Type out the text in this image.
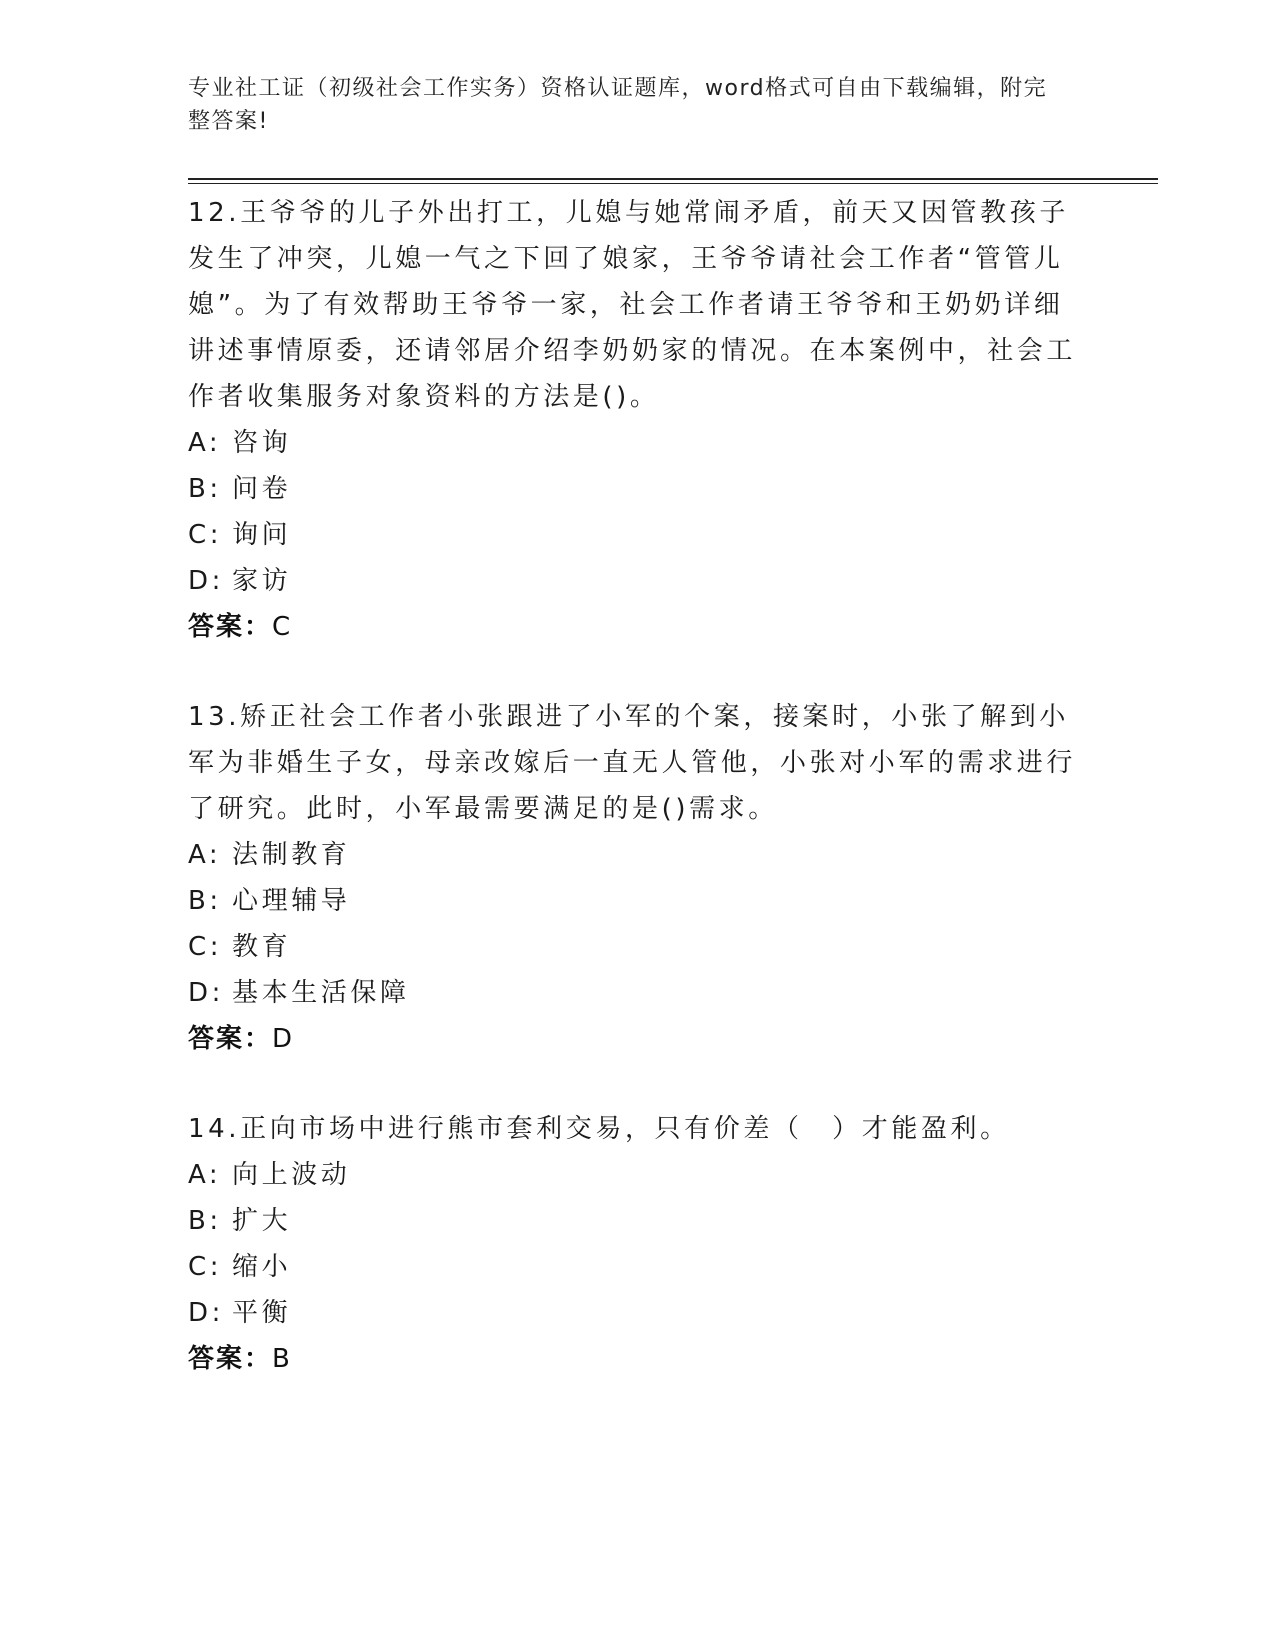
专业社工证（初级社会工作实务）资格认证题库，word格式可自由下载编辑，附完整答案!

12.王爷爷的儿子外出打工，儿媳与她常闹矛盾，前天又因管教孩子发生了冲突，儿媳一气之下回了娘家，王爷爷请社会工作者“管管儿媳”。为了有效帮助王爷爷一家，社会工作者请王爷爷和王奶奶详细讲述事情原委，还请邻居介绍李奶奶家的情况。在本案例中，社会工作者收集服务对象资料的方法是()。

A: 咨询
B: 问卷
C: 询问
D: 家访
答案：C

13.矫正社会工作者小张跟进了小军的个案，接案时，小张了解到小军为非婚生子女，母亲改嫁后一直无人管他，小张对小军的需求进行了研究。此时，小军最需要满足的是()需求。

A: 法制教育
B: 心理辅导
C: 教育
D: 基本生活保障
答案：D

14.正向市场中进行熊市套利交易，只有价差（　）才能盈利。

A: 向上波动
B: 扩大
C: 缩小
D: 平衡
答案：B
